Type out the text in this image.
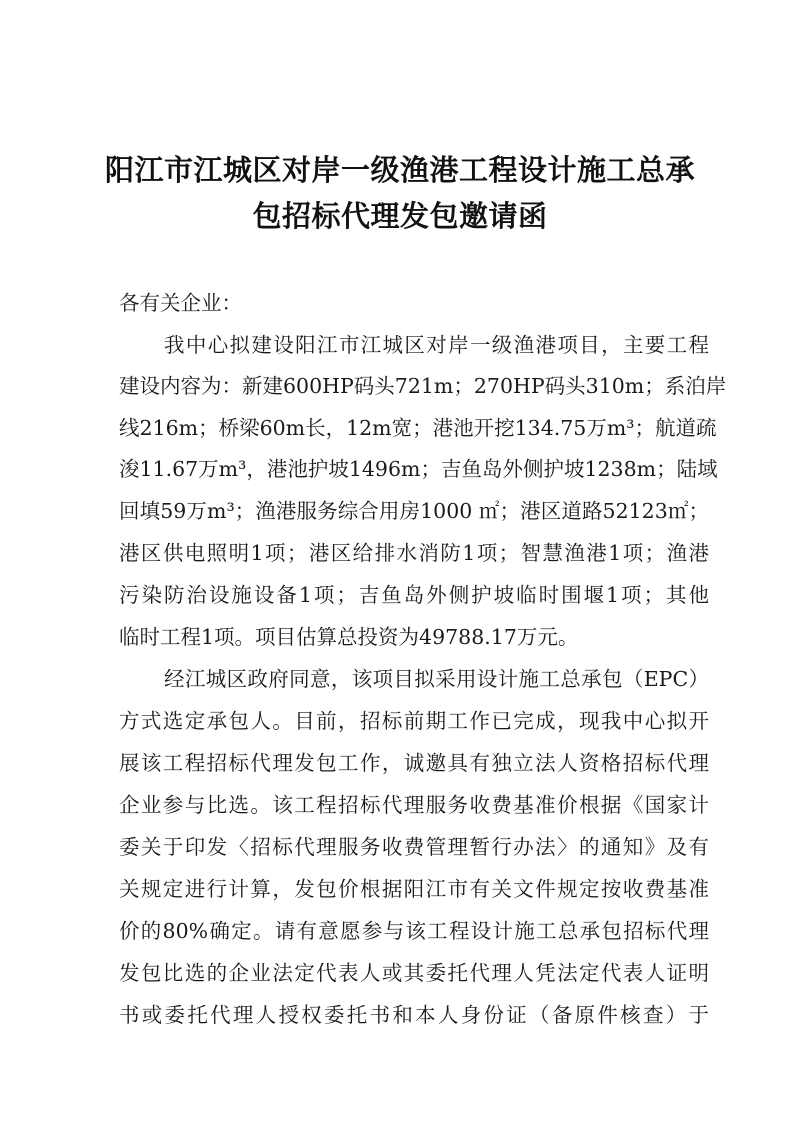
阳江市江城区对岸一级渔港工程设计施工总承
包招标代理发包邀请函
各有关企业：
我中心拟建设阳江市江城区对岸一级渔港项目，主要工程
建设内容为：新建600HP码头721m；270HP码头310m；系泊岸
线216m；桥梁60m长，12m宽；港池开挖134.75万m³；航道疏
浚11.67万m³，港池护坡1496m；吉鱼岛外侧护坡1238m；陆域
回填59万m³；渔港服务综合用房1000 ㎡；港区道路52123㎡；
港区供电照明1项；港区给排水消防1项；智慧渔港1项；渔港
污染防治设施设备1项；吉鱼岛外侧护坡临时围堰1项；其他
临时工程1项。项目估算总投资为49788.17万元。
经江城区政府同意，该项目拟采用设计施工总承包（EPC）
方式选定承包人。目前，招标前期工作已完成，现我中心拟开
展该工程招标代理发包工作，诚邀具有独立法人资格招标代理
企业参与比选。该工程招标代理服务收费基准价根据《国家计
委关于印发〈招标代理服务收费管理暂行办法〉的通知》及有
关规定进行计算，发包价根据阳江市有关文件规定按收费基准
价的80%确定。请有意愿参与该工程设计施工总承包招标代理
发包比选的企业法定代表人或其委托代理人凭法定代表人证明
书或委托代理人授权委托书和本人身份证（备原件核查）于
